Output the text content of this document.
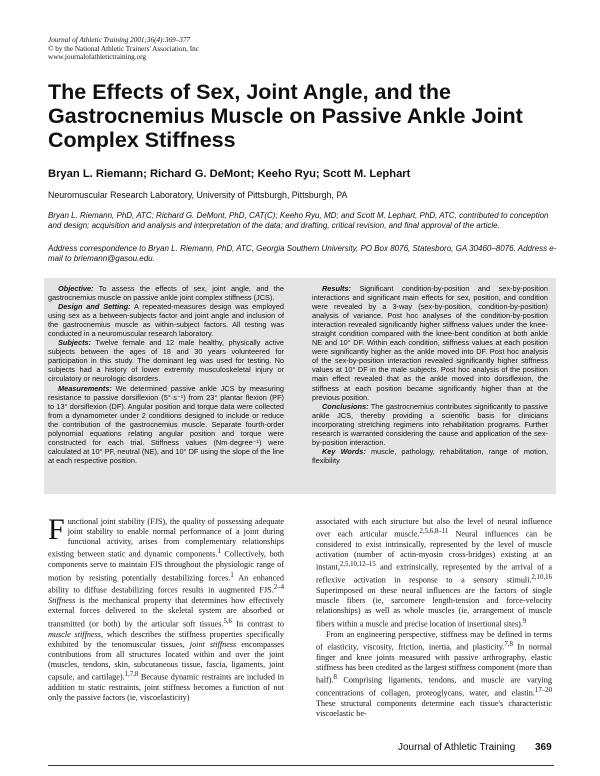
Journal of Athletic Training 2001;36(4):369–377
© by the National Athletic Trainers' Association, Inc
www.journalofathletictraining.org
The Effects of Sex, Joint Angle, and the Gastrocnemius Muscle on Passive Ankle Joint Complex Stiffness

Bryan L. Riemann; Richard G. DeMont; Keeho Ryu; Scott M. Lephart

Neuromuscular Research Laboratory, University of Pittsburgh, Pittsburgh, PA

Bryan L. Riemann, PhD, ATC; Richard G. DeMont, PhD, CAT(C); Keeho Ryu, MD; and Scott M. Lephart, PhD, ATC, contributed to conception and design; acquisition and analysis and interpretation of the data; and drafting, critical revision, and final approval of the article.

Address correspondence to Bryan L. Riemann, PhD, ATC, Georgia Southern University, PO Box 8076, Statesboro, GA 30460–8076. Address e-mail to briemann@gasou.edu.

Objective: To assess the effects of sex, joint angle, and the gastrocnemius muscle on passive ankle joint complex stiffness (JCS).

Design and Setting: A repeated-measures design was employed using sex as a between-subjects factor and joint angle and inclusion of the gastrocnemius muscle as within-subject factors. All testing was conducted in a neuromuscular research laboratory.

Subjects: Twelve female and 12 male healthy, physically active subjects between the ages of 18 and 30 years volunteered for participation in this study. The dominant leg was used for testing. No subjects had a history of lower extremity musculoskeletal injury or circulatory or neurologic disorders.

Measurements: We determined passive ankle JCS by measuring resistance to passive dorsiflexion (5°·s⁻¹) from 23° plantar flexion (PF) to 13° dorsiflexion (DF). Angular position and torque data were collected from a dynamometer under 2 conditions designed to include or reduce the contribution of the gastrocnemius muscle. Separate fourth-order polynomial equations relating angular position and torque were constructed for each trial. Stiffness values (Nm·degree⁻¹) were calculated at 10° PF, neutral (NE), and 10° DF using the slope of the line at each respective position.

Results: Significant condition-by-position and sex-by-position interactions and significant main effects for sex, position, and condition were revealed by a 3-way (sex-by-position, condition-by-position) analysis of variance. Post hoc analyses of the condition-by-position interaction revealed significantly higher stiffness values under the knee-straight condition compared with the knee-bent condition at both ankle NE and 10° DF. Within each condition, stiffness values at each position were significantly higher as the ankle moved into DF. Post hoc analysis of the sex-by-position interaction revealed significantly higher stiffness values at 10° DF in the male subjects. Post hoc analysis of the position main effect revealed that as the ankle moved into dorsiflexion, the stiffness at each position became significantly higher than at the previous position.

Conclusions: The gastrocnemius contributes significantly to passive ankle JCS, thereby providing a scientific basis for clinicians incorporating stretching regimens into rehabilitation programs. Further research is warranted considering the cause and application of the sex-by-position interaction.

Key Words: muscle, pathology, rehabilitation, range of motion, flexibility

Functional joint stability (FJS), the quality of possessing adequate joint stability to enable normal performance of a joint during functional activity, arises from complementary relationships existing between static and dynamic components.$^1$ Collectively, both components serve to maintain FJS throughout the physiologic range of motion by resisting potentially destabilizing forces.$^1$ An enhanced ability to diffuse destabilizing forces results in augmented FJS.$^{2-4}$ Stiffness is the mechanical property that determines how effectively external forces delivered to the skeletal system are absorbed or transmitted (or both) by the articular soft tissues.$^{5,6}$ In contrast to muscle stiffness, which describes the stiffness properties specifically exhibited by the tenomuscular tissues, joint stiffness encompasses contributions from all structures located within and over the joint (muscles, tendons, skin, subcutaneous tissue, fascia, ligaments, joint capsule, and cartilage).$^{1,7,8}$ Because dynamic restraints are included in addition to static restraints, joint stiffness becomes a function of not only the passive factors (ie, viscoelasticity)

associated with each structure but also the level of neural influence over each articular muscle.$^{2,5,6,8-11}$ Neural influences can be considered to exist intrinsically, represented by the level of muscle activation (number of actin-myosin cross-bridges) existing at an instant,$^{2,5,10,12-15}$ and extrinsically, represented by the arrival of a reflexive activation in response to a sensory stimuli.$^{2,10,16}$ Superimposed on these neural influences are the factors of single muscle fibers (ie, sarcomere length-tension and force-velocity relationships) as well as whole muscles (ie, arrangement of muscle fibers within a muscle and precise location of insertional sites).$^9$

From an engineering perspective, stiffness may be defined in terms of elasticity, viscosity, friction, inertia, and plasticity.$^{7,8}$ In normal finger and knee joints measured with passive arthrography, elastic stiffness has been credited as the largest stiffness component (more than half).$^8$ Comprising ligaments, tendons, and muscle are varying concentrations of collagen, proteoglycans, water, and elastin.$^{17-20}$ These structural components determine each tissue's characteristic viscoelastic be-

Journal of Athletic Training 369
